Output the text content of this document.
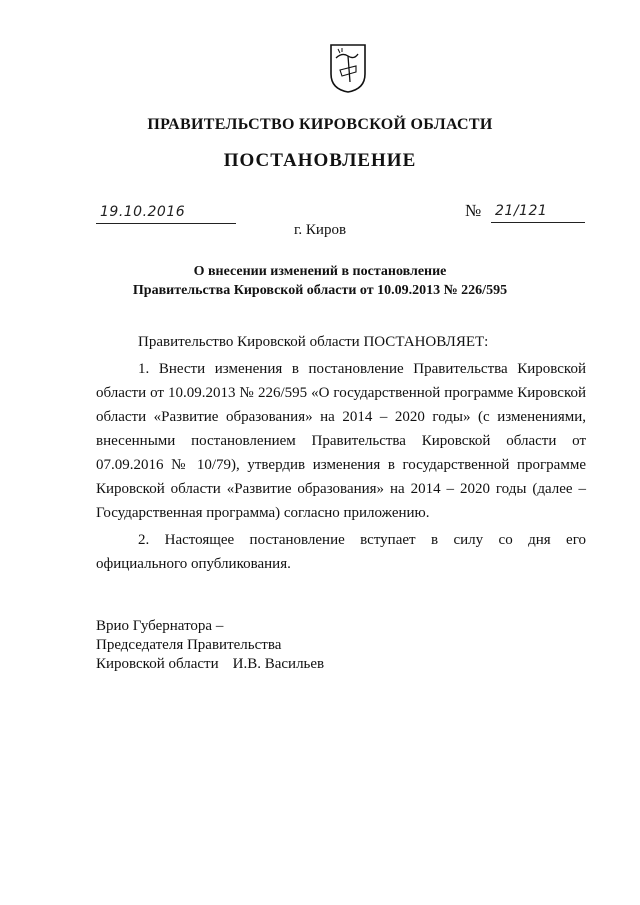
ПРАВИТЕЛЬСТВО КИРОВСКОЙ ОБЛАСТИ
ПОСТАНОВЛЕНИЕ
19.10.2016	№ 21/121
г. Киров
О внесении изменений в постановление
Правительства Кировской области от 10.09.2013 № 226/595

Правительство Кировской области ПОСТАНОВЛЯЕТ:

1. Внести изменения в постановление Правительства Кировской области от 10.09.2013 № 226/595 «О государственной программе Кировской области «Развитие образования» на 2014 – 2020 годы» (с изменениями, внесенными постановлением Правительства Кировской области от 07.09.2016 № 10/79), утвердив изменения в государственной программе Кировской области «Развитие образования» на 2014 – 2020 годы (далее – Государственная программа) согласно приложению.

2. Настоящее постановление вступает в силу со дня его официального опубликования.

Врио Губернатора –
Председателя Правительства
Кировской области И.В. Васильев
